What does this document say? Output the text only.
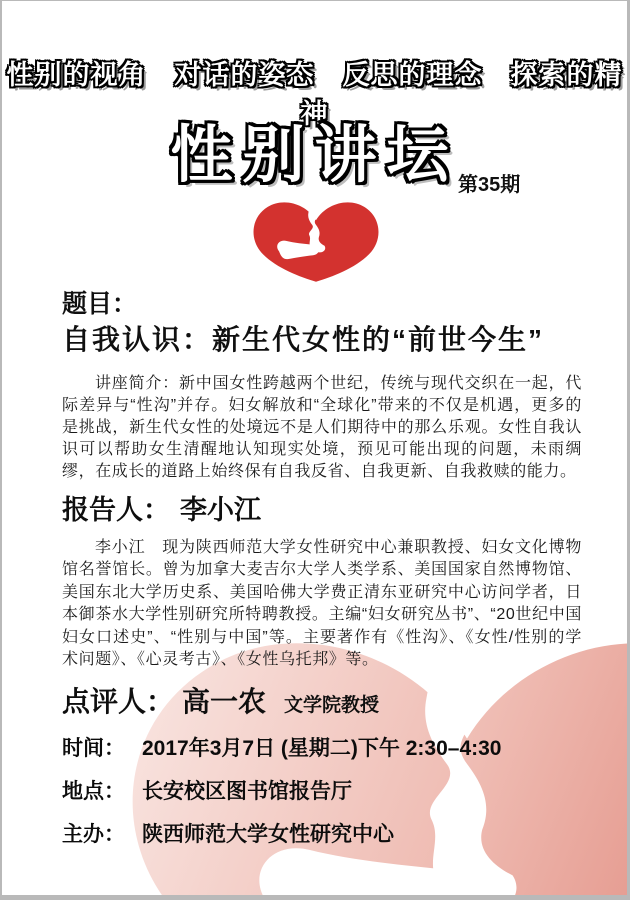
性别的视角　对话的姿态　反思的理念　探索的精神
性别讲坛 第35期
题目：
自我认识：新生代女性的“前世今生”
讲座简介：新中国女性跨越两个世纪，传统与现代交织在一起，代际差异与“性沟”并存。妇女解放和“全球化”带来的不仅是机遇，更多的是挑战，新生代女性的处境远不是人们期待中的那么乐观。女性自我认识可以帮助女生清醒地认知现实处境，预见可能出现的问题，未雨绸缪，在成长的道路上始终保有自我反省、自我更新、自我救赎的能力。
报告人： 李小江
李小江　现为陕西师范大学女性研究中心兼职教授、妇女文化博物馆名誉馆长。曾为加拿大麦吉尔大学人类学系、美国国家自然博物馆、美国东北大学历史系、美国哈佛大学费正清东亚研究中心访问学者，日本御茶水大学性别研究所特聘教授。主编“妇女研究丛书”、“20世纪中国妇女口述史”、“性别与中国”等。主要著作有《性沟》、《女性/性别的学术问题》、《心灵考古》、《女性乌托邦》等。
点评人： 高一农 文学院教授
时间： 2017年3月7日 (星期二)下午 2:30–4:30
地点： 长安校区图书馆报告厅
主办： 陕西师范大学女性研究中心
